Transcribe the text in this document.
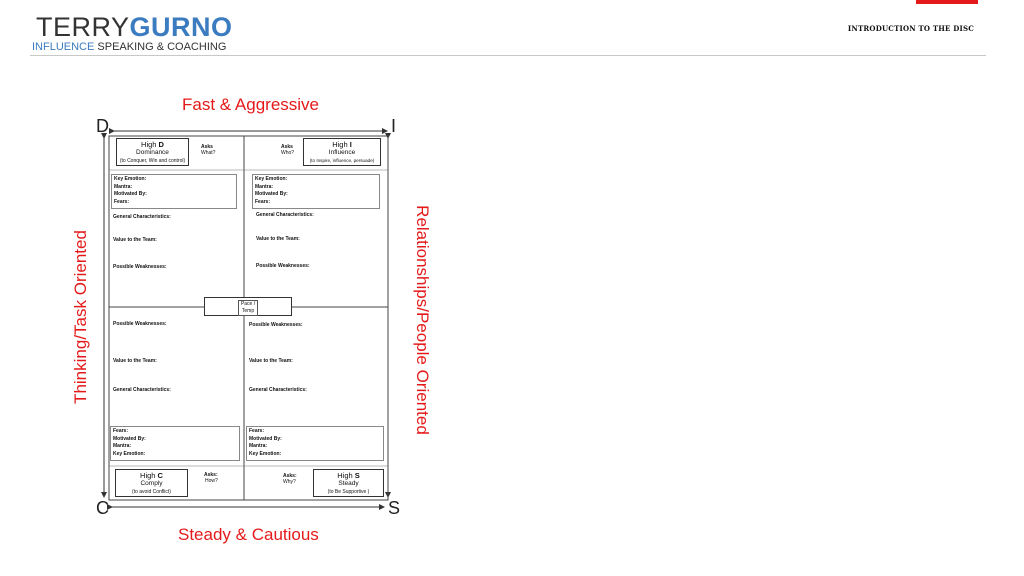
TERRYGURNO
INFLUENCE SPEAKING & COACHING
INTRODUCTION TO THE DISC
Fast & Aggressive
Steady & Cautious
Thinking/Task Oriented	Relationships/People Oriented
D	I
C	S
Pace /
Temp
High D
Dominance
(to Conquer, Win and control)
Asks
What?
Key Emotion:
Mantra:
Motivated By:
Fears:
General Characteristics:
Value to the Team:
Possible Weaknesses:
Asks
Who?
High I
Influence
(to Inspire, influence, persuade)
Key Emotion:
Mantra:
Motivated By:
Fears:
General Characteristics:
Value to the Team:
Possible Weaknesses:
Possible Weaknesses:
Value to the Team:
General Characteristics:
Fears:
Motivated By:
Mantra:
Key Emotion:
High C
Comply
(to avoid Conflict)
Asks:
How?
Possible Weaknesses:
Value to the Team:
General Characteristics:
Fears:
Motivated By:
Mantra:
Key Emotion:
Asks:
Why?
High S
Steady
(to Be Supportive )
